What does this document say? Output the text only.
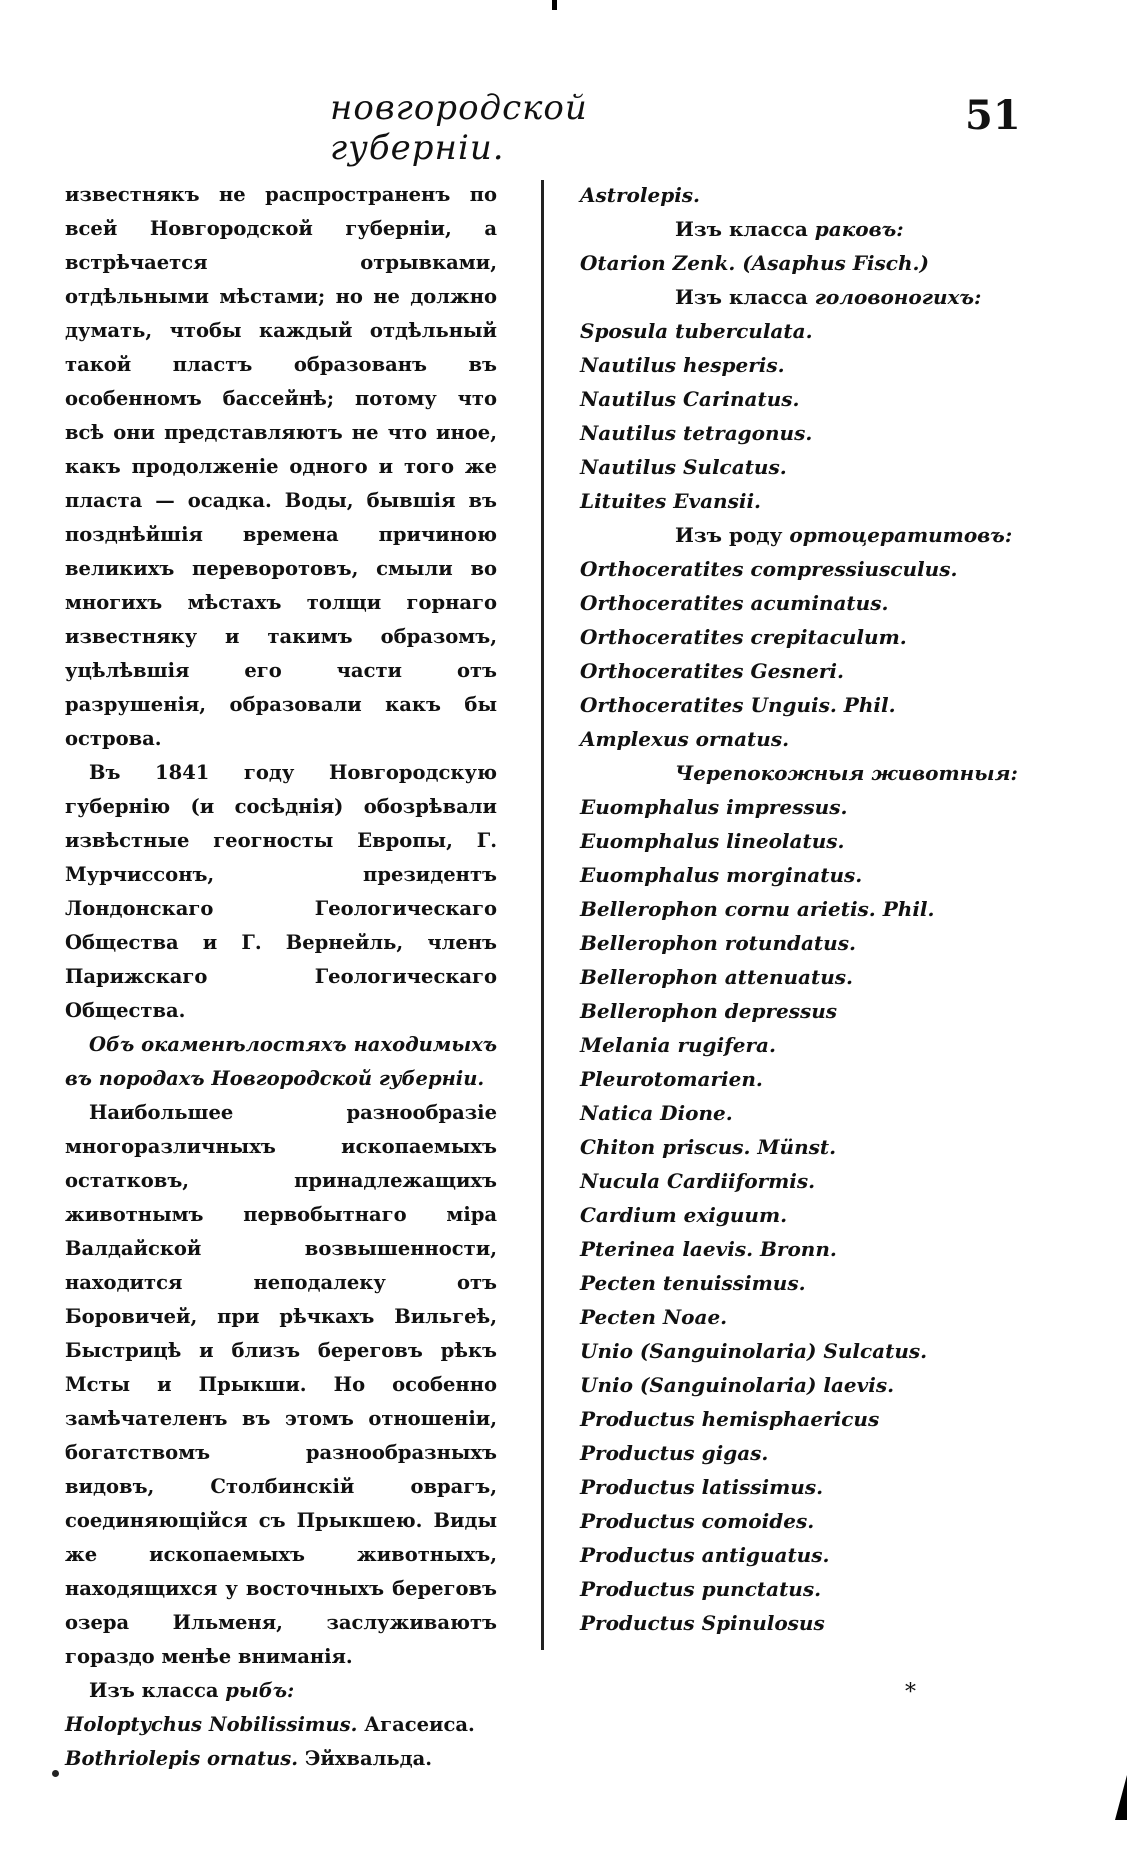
новгородской губерніи.
51

известнякъ не распространенъ по всей Новгородской губерніи, а встрѣчается отрывками, отдѣльными мѣстами; но не должно думать, чтобы каждый отдѣльный такой пластъ образованъ въ особенномъ бассейнѣ; потому что всѣ они представляютъ не что иное, какъ продолженіе одного и того же пласта — осадка. Воды, бывшія въ позднѣйшія времена причиною великихъ переворотовъ, смыли во многихъ мѣстахъ толщи горнаго известняку и такимъ образомъ, уцѣлѣвшія его части отъ разрушенія, образовали какъ бы острова.

Въ 1841 году Новгородскую губернію (и сосѣднія) обозрѣвали извѣстные геогносты Европы, Г. Мурчиссонъ, президентъ Лондонскаго Геологическаго Общества и Г. Вернейль, членъ Парижскаго Геологическаго Общества.

Объ окаменѣлостяхъ находимыхъ въ породахъ Новгородской губерніи.

Наибольшее разнообразіе многоразличныхъ ископаемыхъ остатковъ, принадлежащихъ животнымъ первобытнаго міра Валдайской возвышенности, находится неподалеку отъ Боровичей, при рѣчкахъ Вильгеѣ, Быстрицѣ и близъ береговъ рѣкъ Мсты и Прыкши. Но особенно замѣчателенъ въ этомъ отношеніи, богатствомъ разнообразныхъ видовъ, Столбинскій оврагъ, соединяющійся съ Прыкшею. Виды же ископаемыхъ животныхъ, находящихся у восточныхъ береговъ озера Ильменя, заслуживаютъ гораздо менѣе вниманія.

Изъ класса рыбъ:
Holoptychus Nobilissimus. Агасеиса.
Bothriolepis ornatus. Эйхвальда.
Astrolepis.
Изъ класса раковъ:
Otarion Zenk. (Asaphus Fisch.)
Изъ класса головоногихъ:
Sposula tuberculata.
Nautilus hesperis.
Nautilus Carinatus.
Nautilus tetragonus.
Nautilus Sulcatus.
Lituites Evansii.
Изъ роду ортоцератитовъ:
Orthoceratites compressiusculus.
Orthoceratites acuminatus.
Orthoceratites crepitaculum.
Orthoceratites Gesneri.
Orthoceratites Unguis. Phil.
Amplexus ornatus.
Черепокожныя животныя:
Euomphalus impressus.
Euomphalus lineolatus.
Euomphalus morginatus.
Bellerophon cornu arietis. Phil.
Bellerophon rotundatus.
Bellerophon attenuatus.
Bellerophon depressus
Melania rugifera.
Pleurotomarien.
Natica Dione.
Chiton priscus. Münst.
Nucula Cardiiformis.
Cardium exiguum.
Pterinea laevis. Bronn.
Pecten tenuissimus.
Pecten Noae.
Unio (Sanguinolaria) Sulcatus.
Unio (Sanguinolaria) laevis.
Productus hemisphaericus
Productus gigas.
Productus latissimus.
Productus comoides.
Productus antiguatus.
Productus punctatus.
Productus Spinulosus
*
